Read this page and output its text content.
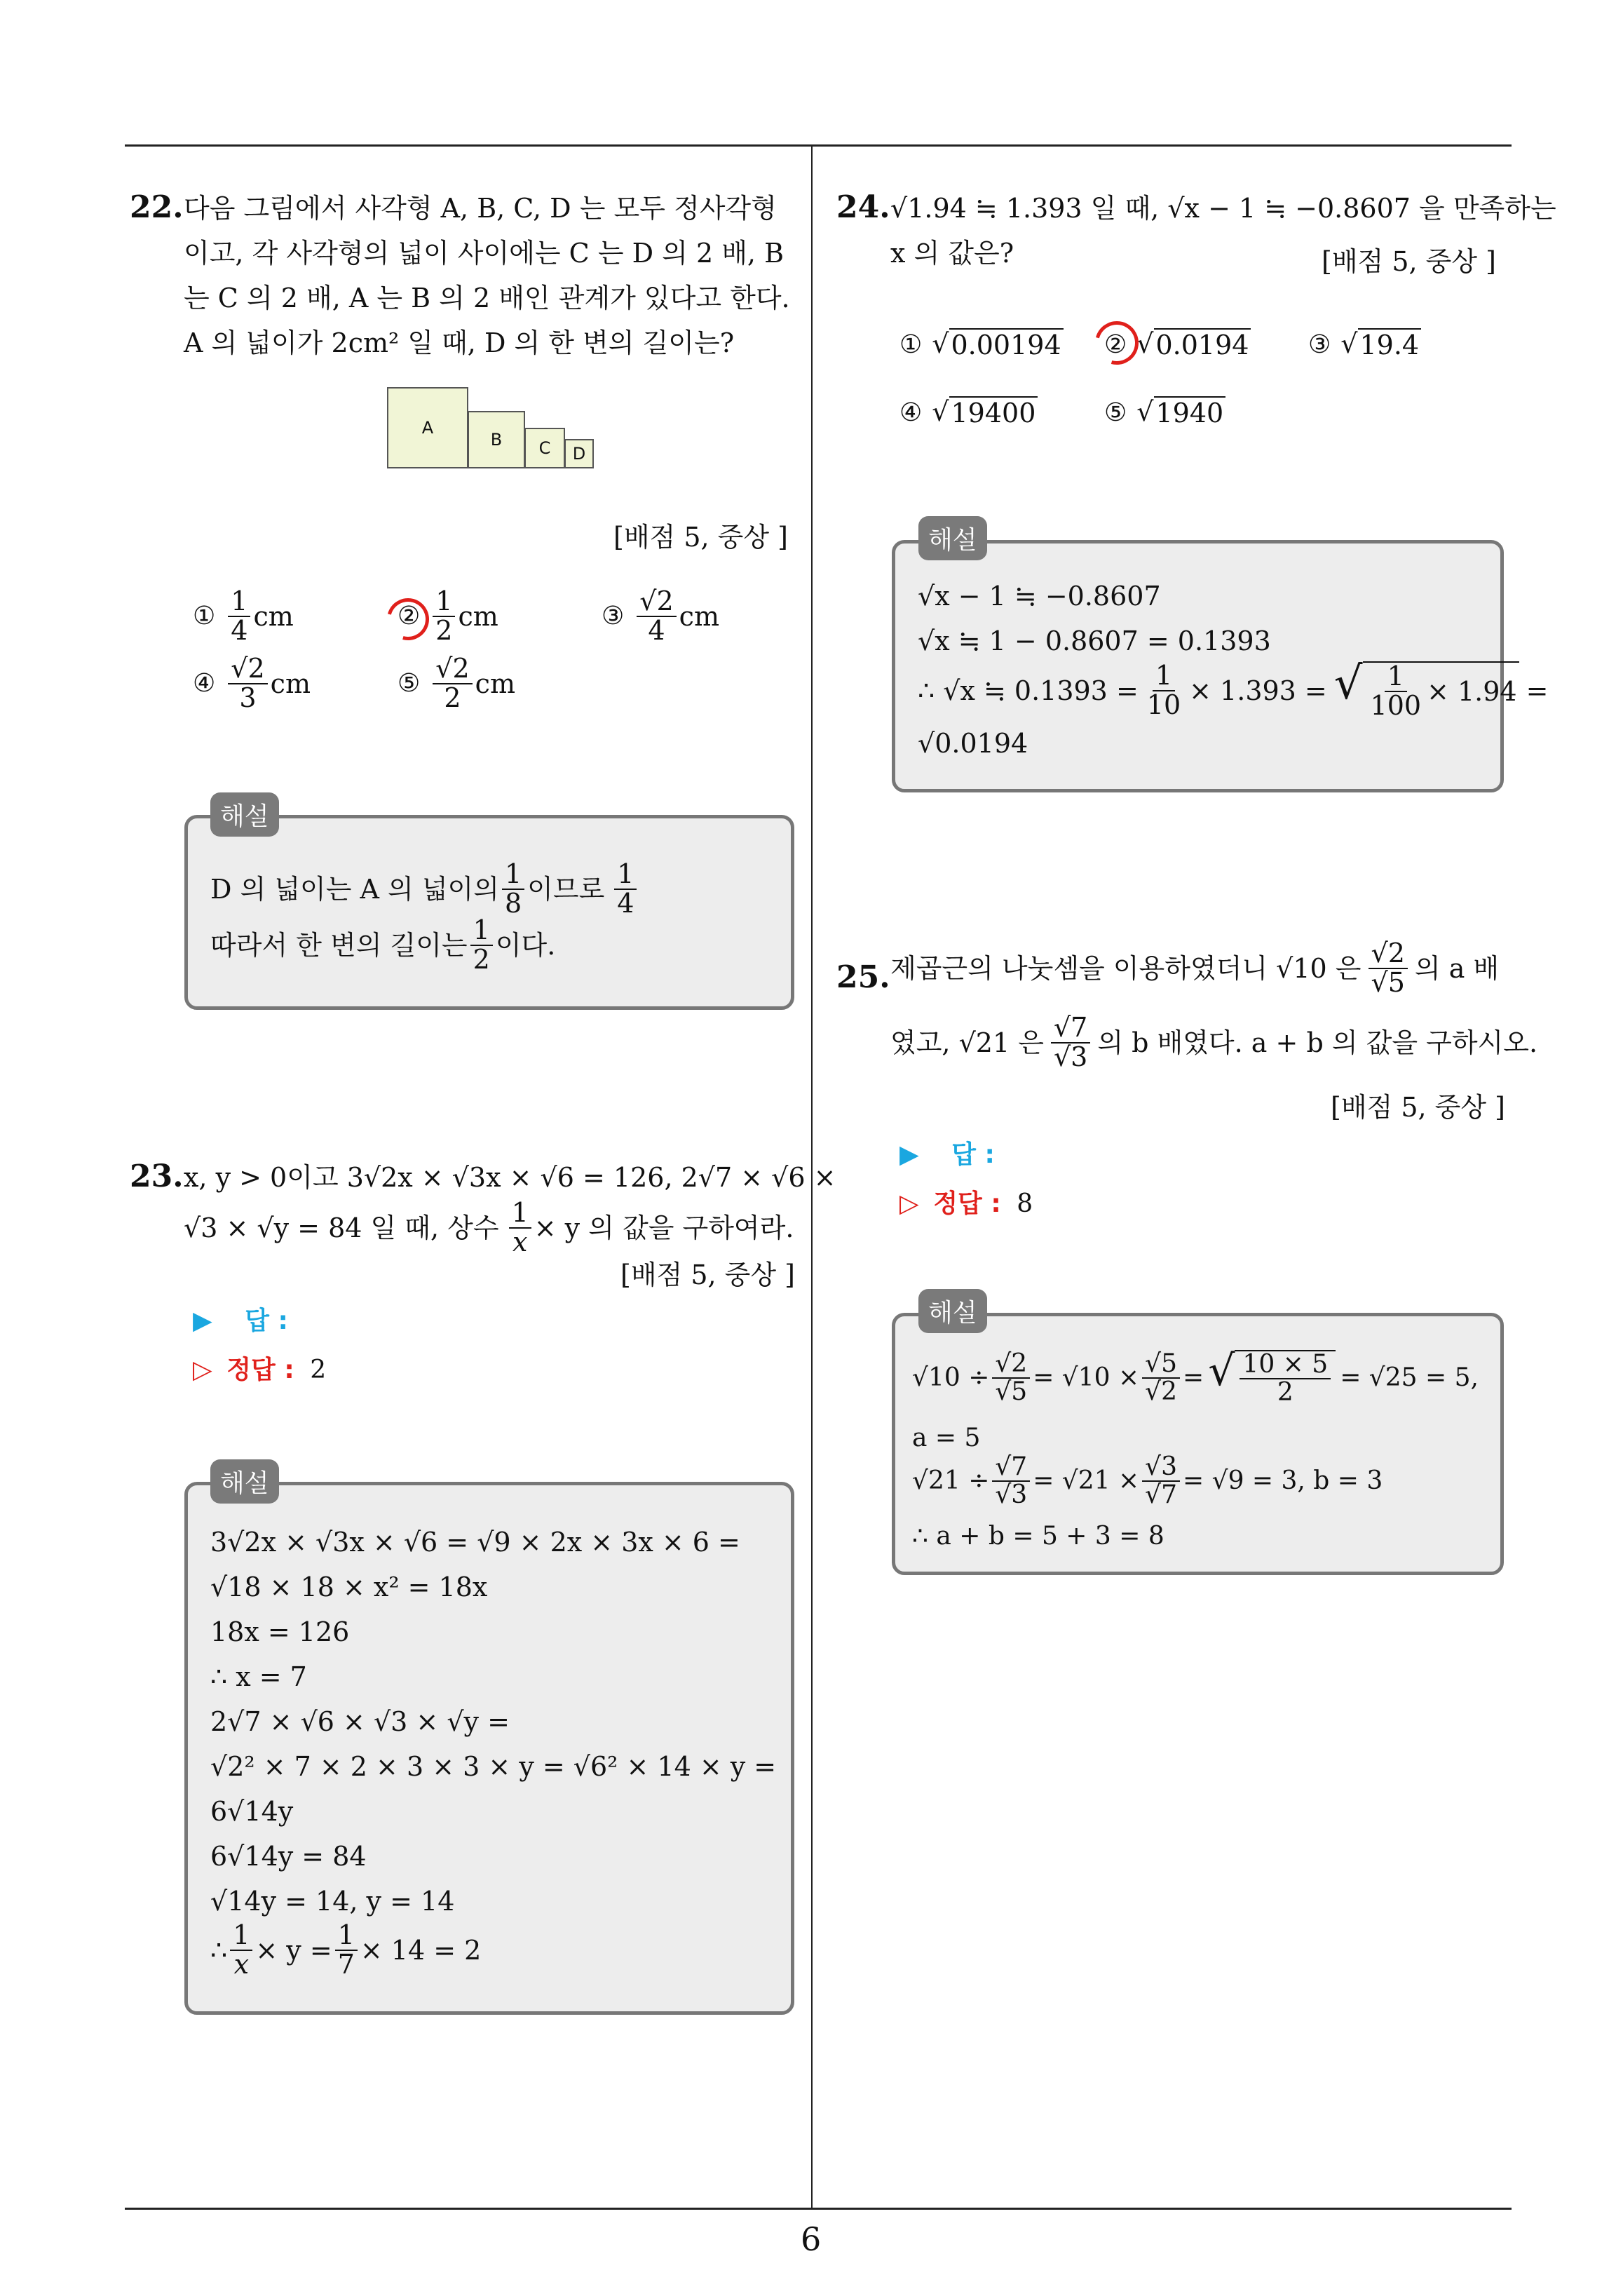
6
22. 다음 그림에서 사각형 A, B, C, D 는 모두 정사각형
이고, 각 사각형의 넓이 사이에는 C 는 D 의 2 배, B
는 C 의 2 배, A 는 B 의 2 배인 관계가 있다고 한다.
A 의 넓이가 2cm² 일 때, D 의 한 변의 길이는?
A
B	C	D
[배점 5, 중상 ]
① $\frac{1}{4}$ cm	② $\frac{1}{2}$ cm	③ $\frac{√2}{4}$ cm
④ $\frac{√2}{3}$ cm	⑤ $\frac{√2}{2}$ cm
D 의 넓이는 A 의 넓이의 $\frac{1}{8}$ 이므로 $\frac{1}{4}$
따라서 한 변의 길이는 $\frac{1}{2}$ 이다.
해설
23. x, y > 0이고 3√2x × √3x × √6 = 126, 2√7 × √6 ×
√3 × √y = 84 일 때, 상수 $\frac{1}{x} \times y$ 의 값을 구하여라.
[배점 5, 중상 ]
▶ 답 :
▷ 정답 : 2
3√2x × √3x × √6 = √9 × 2x × 3x × 6 =
√18 × 18 × x² = 18x
18x = 126
∴ x = 7
2√7 × √6 × √3 × √y =
√2² × 7 × 2 × 3 × 3 × y = √6² × 14 × y =
6√14y
6√14y = 84
√14y = 14, y = 14
∴ $\frac{1}{x} \times y = \frac{1}{7} \times 14 = 2$
해설
24. √1.94 ≒ 1.393 일 때, √x − 1 ≒ −0.8607 을 만족하는
x 의 값은?	[배점 5, 중상 ]
① √ 0.00194 ② √ 0.0194 ③ √ 19.4
④ √ 19400	⑤ √ 1940
√x − 1 ≒ −0.8607
√x ≒ 1 − 0.8607 = 0.1393
∴ √x ≒ $0.1393 = \frac{1}{10} \times 1.393$ = √ $\frac{1}{100} \times 1.94$ =
√0.0194
해설
25. 제곱근의 나눗셈을 이용하였더니 √10 은 $\frac{√2}{√5}$ 의 a 배
였고, √21 은 $\frac{√7}{√3}$ 의 b 배였다. a + b 의 값을 구하시오.
[배점 5, 중상 ]
▶ 답 :
▷ 정답 : 8
$√10 \div \frac{√2}{√5} = √10 \times \frac{√5}{√2}$ = √ $\frac{10 \times 5}{2} = √25 = 5$,
a = 5
$√21 \div \frac{√7}{√3} = √21 \times \frac{√3}{√7} = √9 = 3$, b = 3
∴ a + b = 5 + 3 = 8
해설
